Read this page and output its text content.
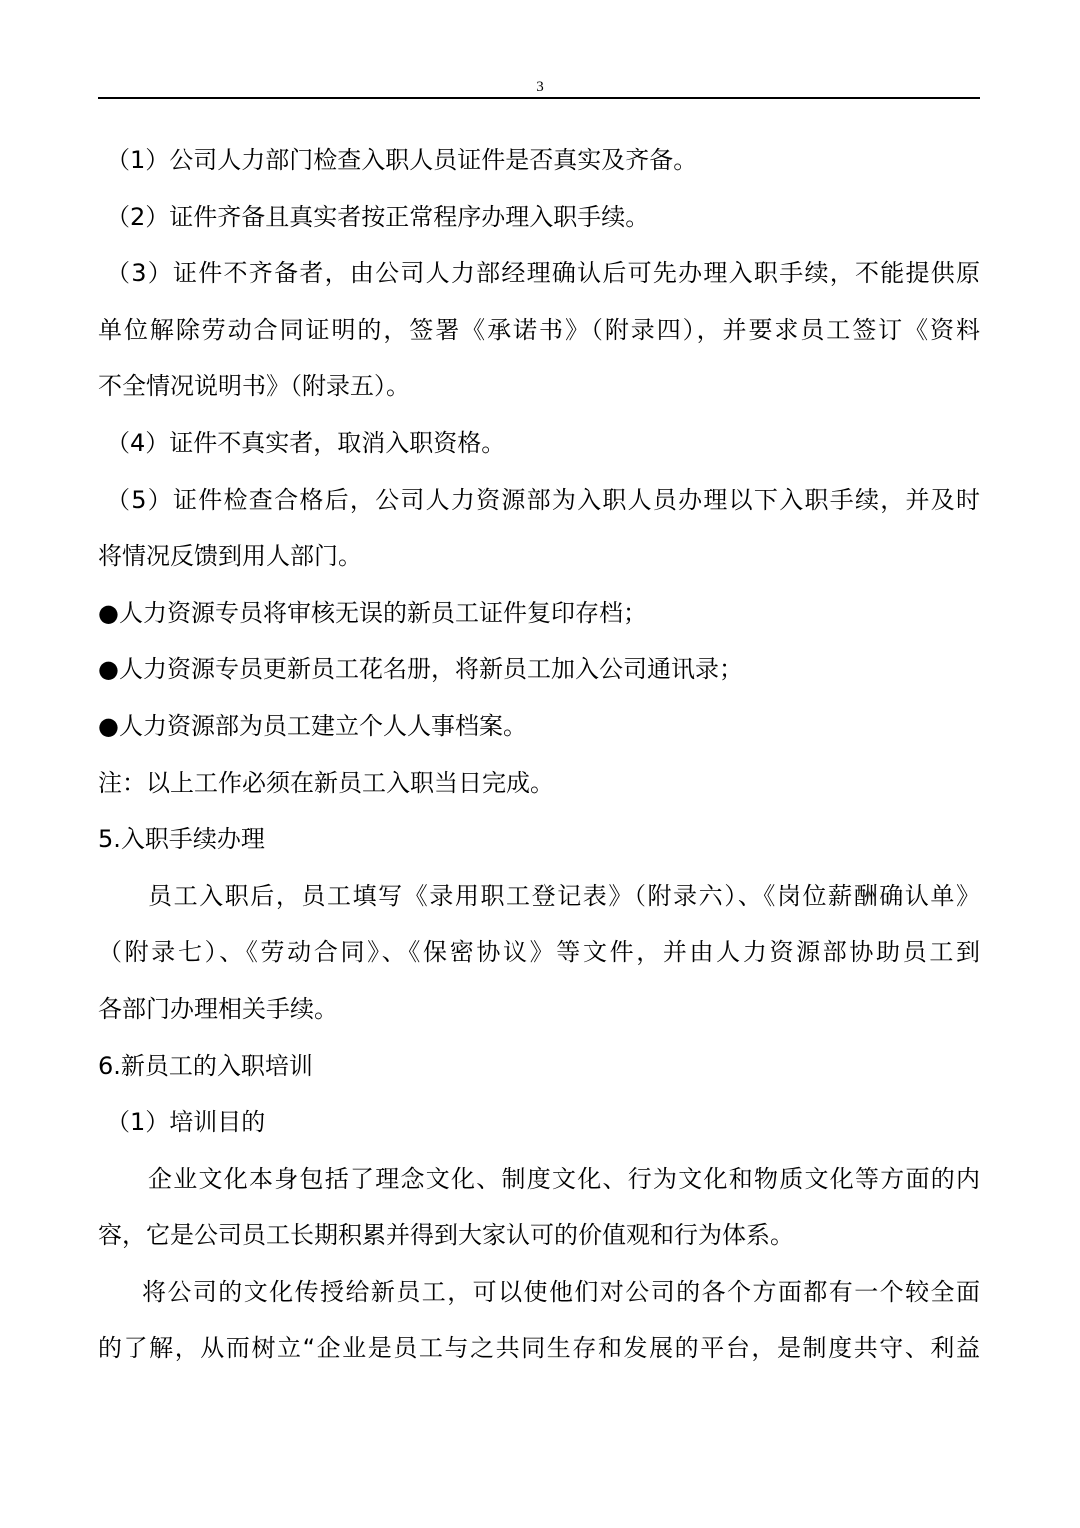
3
（1）公司人力部门检查入职人员证件是否真实及齐备。
（2）证件齐备且真实者按正常程序办理入职手续。
（3）证件不齐备者，由公司人力部经理确认后可先办理入职手续，不能提供原
单位解除劳动合同证明的，签署《承诺书》（附录四），并要求员工签订《资料
不全情况说明书》（附录五）。
（4）证件不真实者，取消入职资格。
（5）证件检查合格后，公司人力资源部为入职人员办理以下入职手续，并及时
将情况反馈到用人部门。
●人力资源专员将审核无误的新员工证件复印存档；
●人力资源专员更新员工花名册，将新员工加入公司通讯录；
●人力资源部为员工建立个人人事档案。
注：以上工作必须在新员工入职当日完成。
5.入职手续办理
员工入职后，员工填写《录用职工登记表》（附录六）、《岗位薪酬确认单》
（附录七）、《劳动合同》、《保密协议》等文件，并由人力资源部协助员工到
各部门办理相关手续。
6.新员工的入职培训
（1）培训目的
企业文化本身包括了理念文化、制度文化、行为文化和物质文化等方面的内
容，它是公司员工长期积累并得到大家认可的价值观和行为体系。
将公司的文化传授给新员工，可以使他们对公司的各个方面都有一个较全面
的了解，从而树立“企业是员工与之共同生存和发展的平台，是制度共守、利益
